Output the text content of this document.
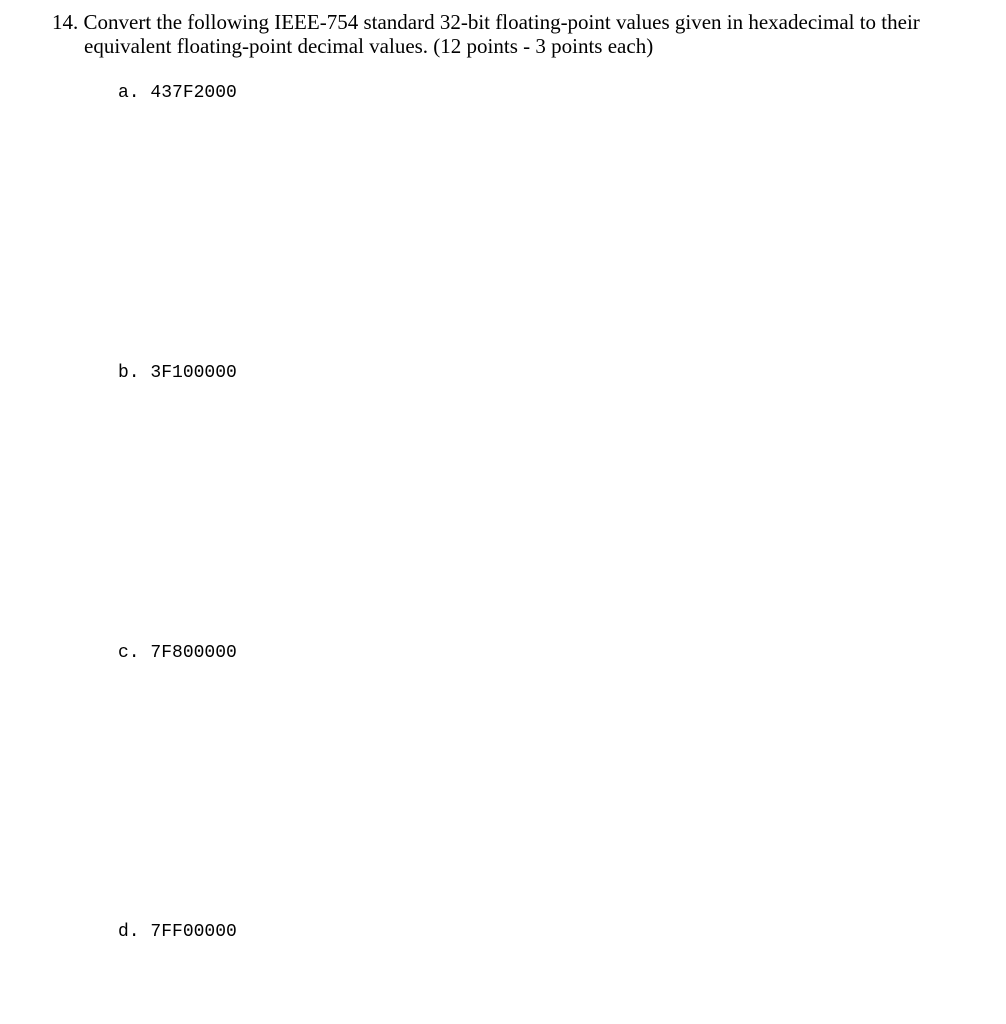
14. Convert the following IEEE-754 standard 32-bit floating-point values given in hexadecimal to their
equivalent floating-point decimal values. (12 points - 3 points each)
a. 437F2000
b. 3F100000
c. 7F800000
d. 7FF00000
